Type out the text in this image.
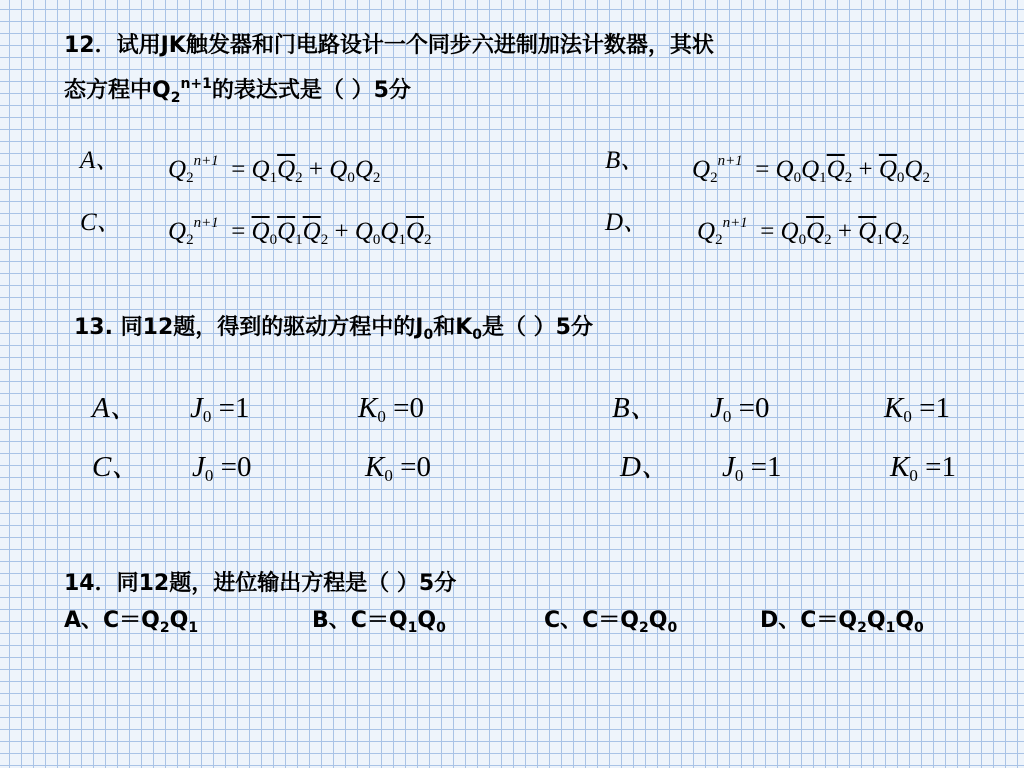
12．试用JK触发器和门电路设计一个同步六进制加法计数器，其状
态方程中$Q_2^{n+1}$的表达式是（ ）5分
A、 $Q_2^{n+1} = Q_1\overline{Q}_2 + Q_0Q_2$
B、 $Q_2^{n+1} = Q_0Q_1\overline{Q}_2 + \overline{Q}_0Q_2$
C、 $Q_2^{n+1} = \overline{Q}_0\overline{Q}_1\overline{Q}_2 + Q_0Q_1\overline{Q}_2$
D、 $Q_2^{n+1} = Q_0\overline{Q}_2 + \overline{Q}_1Q_2$
13. 同12题，得到的驱动方程中的$J_0$和$K_0$是（ ）5分
A、 $J_0 =1$	$K_0 =0$	B、 $J_0 =0$	$K_0 =1$
C、 $J_0 =0$	$K_0 =0$	D、 $J_0 =1$	$K_0 =1$
14．同12题，进位输出方程是（ ）5分
A、$C=Q_2Q_1$	B、$C=Q_1Q_0$	C、$C=Q_2Q_0$	D、$C=Q_2Q_1Q_0$
